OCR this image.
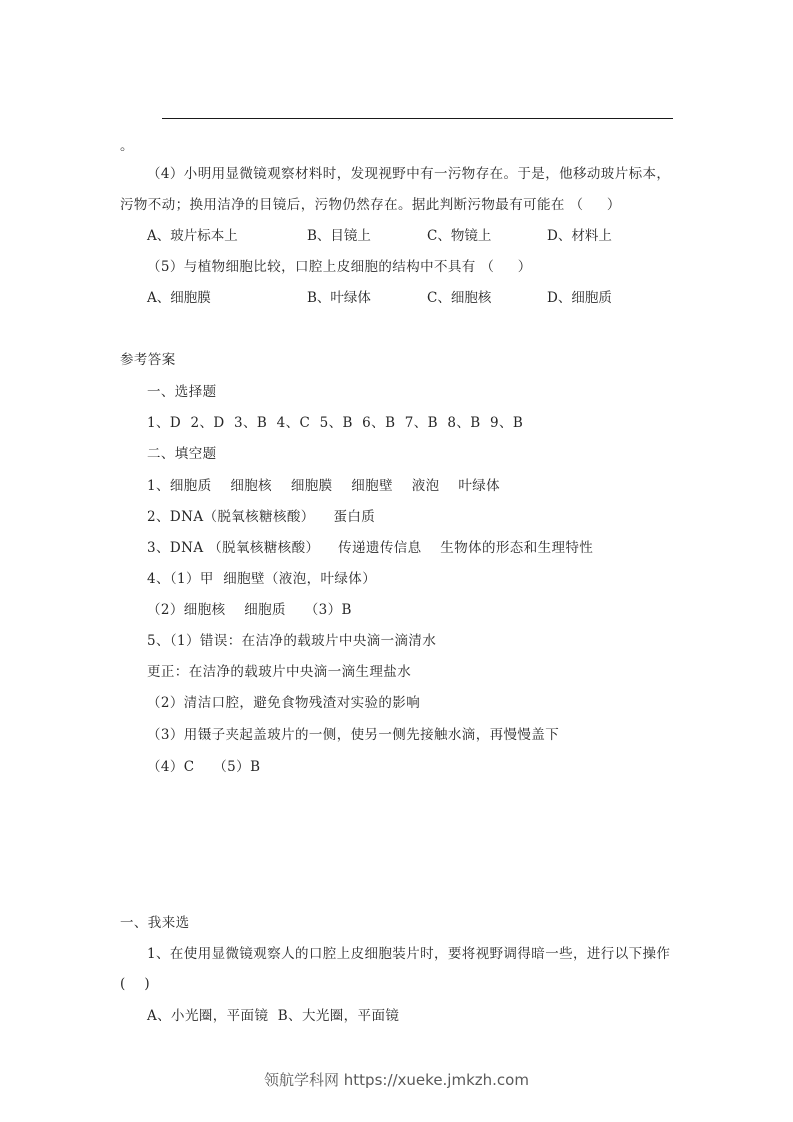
。
（4）小明用显微镜观察材料时，发现视野中有一污物存在。于是，他移动玻片标本，
污物不动；换用洁净的目镜后，污物仍然存在。据此判断污物最有可能在 （     ）
A、玻片标本上	B、目镜上	C、物镜上	D、材料上
（5）与植物细胞比较，口腔上皮细胞的结构中不具有 （     ）
A、细胞膜	B、叶绿体	C、细胞核	D、细胞质
参考答案
一、选择题
1、D  2、D  3、B  4、C  5、B  6、B  7、B  8、B  9、B
二、填空题
1、细胞质    细胞核    细胞膜    细胞壁    液泡    叶绿体
2、DNA（脱氧核糖核酸）    蛋白质
3、DNA （脱氧核糖核酸）    传递遗传信息    生物体的形态和生理特性
4、（1）甲  细胞壁（液泡，叶绿体）
（2）细胞核    细胞质    （3）B
5、（1）错误：在洁净的载玻片中央滴一滴清水
更正：在洁净的载玻片中央滴一滴生理盐水
（2）清洁口腔，避免食物残渣对实验的影响
（3）用镊子夹起盖玻片的一侧，使另一侧先接触水滴，再慢慢盖下
（4）C    （5）B
一、我来选
1、在使用显微镜观察人的口腔上皮细胞装片时，要将视野调得暗一些，进行以下操作
(    )
A、小光圈，平面镜  B、大光圈，平面镜
领航学科网 https://xueke.jmkzh.com
